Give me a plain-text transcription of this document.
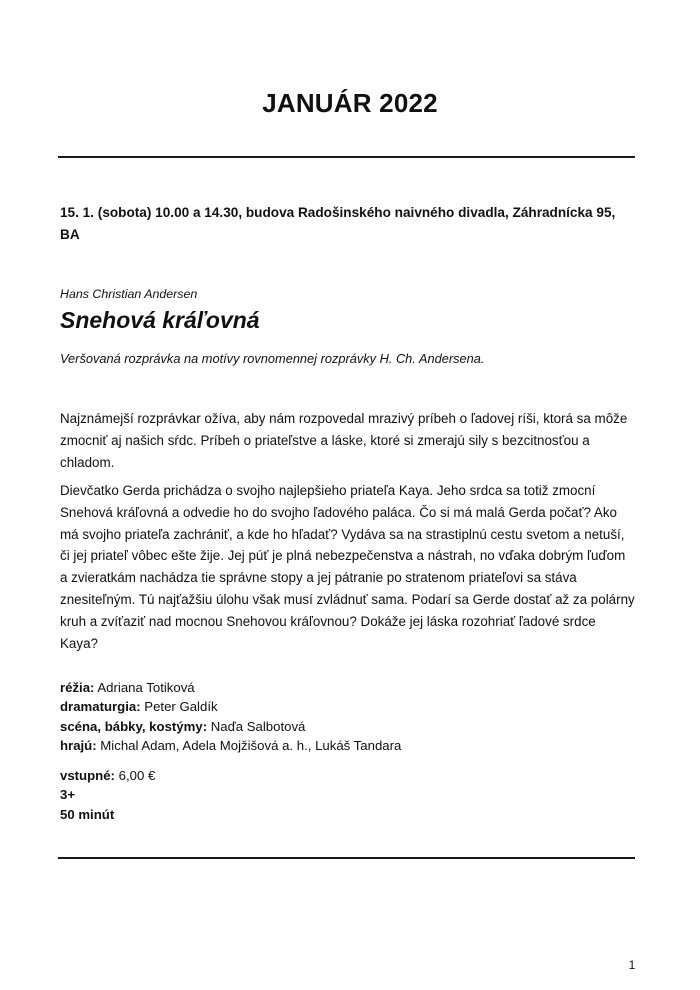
JANUÁR 2022
15. 1. (sobota) 10.00 a 14.30, budova Radošinského naivného divadla, Záhradnícka 95, BA
Hans Christian Andersen
Snehová kráľovná
Veršovaná rozprávka na motívy rovnomennej rozprávky H. Ch. Andersena.

Najznámejší rozprávkar ožíva, aby nám rozpovedal mrazivý príbeh o ľadovej ríši, ktorá sa môže zmocniť aj našich sŕdc. Príbeh o priateľstve a láske, ktoré si zmerajú sily s bezcitnosťou a chladom.

Dievčatko Gerda prichádza o svojho najlepšieho priateľa Kaya. Jeho srdca sa totiž zmocní Snehová kráľovná a odvedie ho do svojho ľadového paláca. Čo si má malá Gerda počať? Ako má svojho priateľa zachrániť, a kde ho hľadať? Vydáva sa na strastiplnú cestu svetom a netuší, či jej priateľ vôbec ešte žije. Jej púť je plná nebezpečenstva a nástrah, no vďaka dobrým ľuďom a zvieratkám nachádza tie správne stopy a jej pátranie po stratenom priateľovi sa stáva znesiteľným. Tú najťažšiu úlohu však musí zvládnuť sama. Podarí sa Gerde dostať až za polárny kruh a zvíťaziť nad mocnou Snehovou kráľovnou? Dokáže jej láska rozohriať ľadové srdce Kaya?

réžia: Adriana Totiková
dramaturgia: Peter Galdík
scéna, bábky, kostýmy: Naďa Salbotová
hrajú: Michal Adam, Adela Mojžišová a. h., Lukáš Tandara
vstupné: 6,00 €
3+
50 minút
1
